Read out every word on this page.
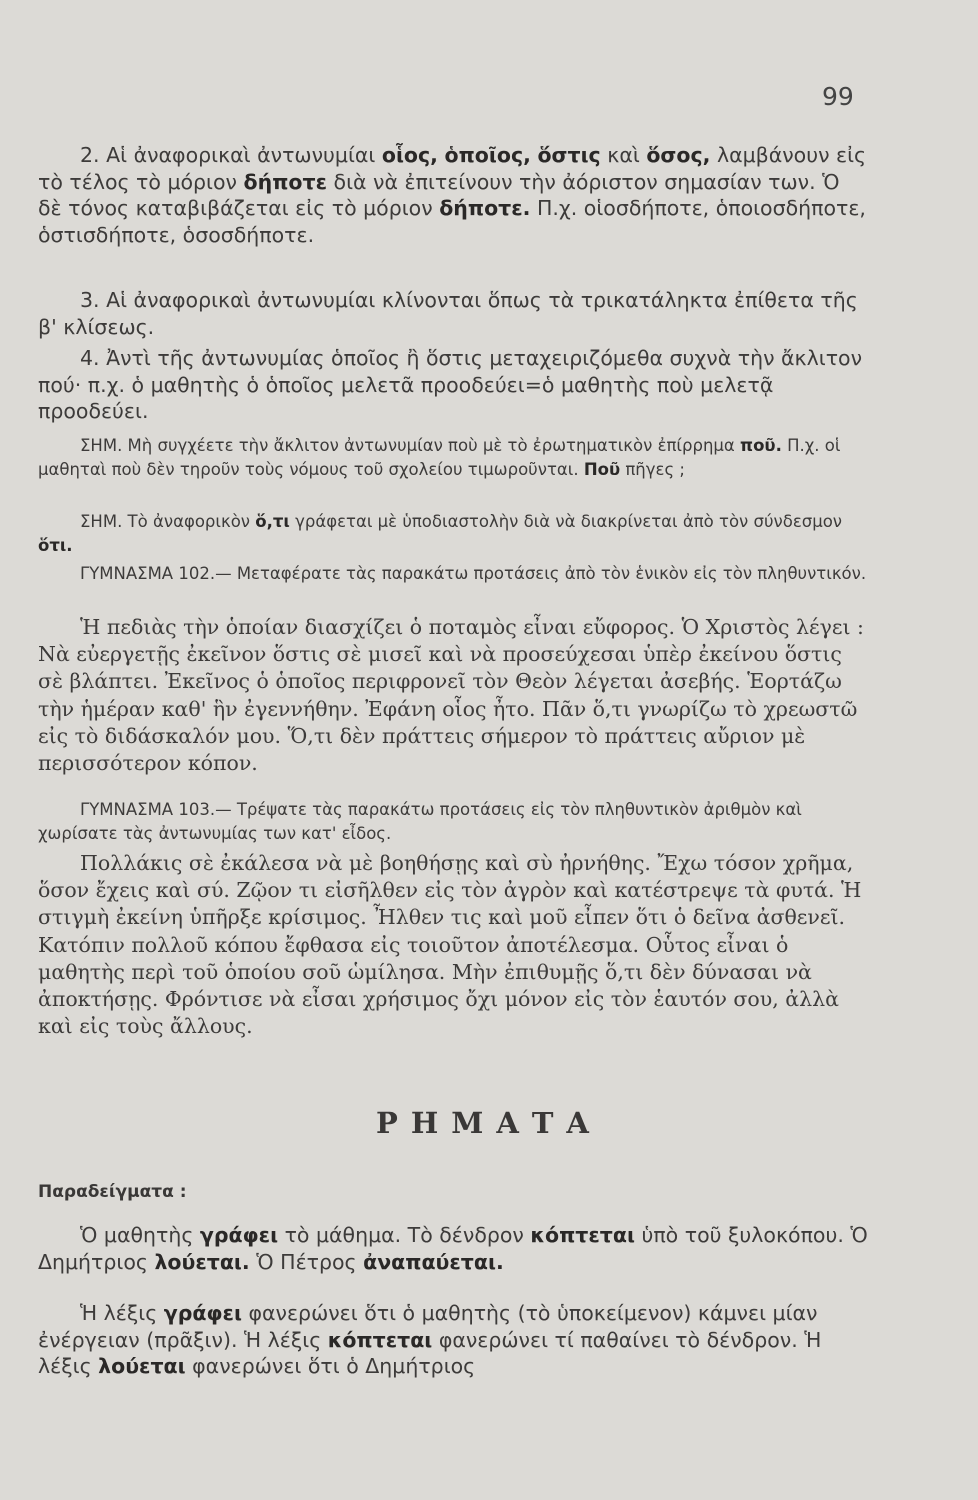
99

2. Αἱ ἀναφορικαὶ ἀντωνυμίαι οἷος, ὁποῖος, ὅστις καὶ ὅσος, λαμβάνουν εἰς τὸ τέλος τὸ μόριον δήποτε διὰ νὰ ἐπιτείνουν τὴν ἀόριστον σημασίαν των. Ὁ δὲ τόνος καταβιβάζεται εἰς τὸ μόριον δήποτε. Π.χ. οἱοσδήποτε, ὁποιοσδήποτε, ὁστισδήποτε, ὁσοσδήποτε.

3. Αἱ ἀναφορικαὶ ἀντωνυμίαι κλίνονται ὅπως τὰ τρικατάληκτα ἐπίθετα τῆς β' κλίσεως.

4. Ἀντὶ τῆς ἀντωνυμίας ὁποῖος ἢ ὅστις μεταχειριζόμεθα συχνὰ τὴν ἄκλιτον πού· π.χ. ὁ μαθητὴς ὁ ὁποῖος μελετᾶ προοδεύει=ὁ μαθητὴς ποὺ μελετᾷ προοδεύει.

ΣΗΜ. Μὴ συγχέετε τὴν ἄκλιτον ἀντωνυμίαν ποὺ μὲ τὸ ἐρωτηματικὸν ἐπίρρημα ποῦ. Π.χ. οἱ μαθηταὶ ποὺ δὲν τηροῦν τοὺς νόμους τοῦ σχολείου τιμωροῦνται. Ποῦ πῆγες ;

ΣΗΜ. Τὸ ἀναφορικὸν ὅ,τι γράφεται μὲ ὑποδιαστολὴν διὰ νὰ διακρίνεται ἀπὸ τὸν σύνδεσμον ὅτι.

ΓΥΜΝΑΣΜΑ 102.— Μεταφέρατε τὰς παρακάτω προτάσεις ἀπὸ τὸν ἑνικὸν εἰς τὸν πληθυντικόν.

Ἡ πεδιὰς τὴν ὁποίαν διασχίζει ὁ ποταμὸς εἶναι εὔφορος. Ὁ Χριστὸς λέγει : Νὰ εὐεργετῇς ἐκεῖνον ὅστις σὲ μισεῖ καὶ νὰ προσεύχεσαι ὑπὲρ ἐκείνου ὅστις σὲ βλάπτει. Ἐκεῖνος ὁ ὁποῖος περιφρονεῖ τὸν Θεὸν λέγεται ἀσεβής. Ἑορτάζω τὴν ἡμέραν καθ' ἣν ἐγεννήθην. Ἐφάνη οἷος ἦτο. Πᾶν ὅ,τι γνωρίζω τὸ χρεωστῶ εἰς τὸ διδάσκαλόν μου. Ὅ,τι δὲν πράττεις σήμερον τὸ πράττεις αὔριον μὲ περισσότερον κόπον.

ΓΥΜΝΑΣΜΑ 103.— Τρέψατε τὰς παρακάτω προτάσεις εἰς τὸν πληθυντικὸν ἀριθμὸν καὶ χωρίσατε τὰς ἀντωνυμίας των κατ' εἶδος.

Πολλάκις σὲ ἐκάλεσα νὰ μὲ βοηθήσῃς καὶ σὺ ἠρνήθης. Ἔχω τόσον χρῆμα, ὅσον ἔχεις καὶ σύ. Ζῷον τι εἰσῆλθεν εἰς τὸν ἀγρὸν καὶ κατέστρεψε τὰ φυτά. Ἡ στιγμὴ ἐκείνη ὑπῆρξε κρίσιμος. Ἦλθεν τις καὶ μοῦ εἶπεν ὅτι ὁ δεῖνα ἀσθενεῖ. Κατόπιν πολλοῦ κόπου ἔφθασα εἰς τοιοῦτον ἀποτέλεσμα. Οὗτος εἶναι ὁ μαθητὴς περὶ τοῦ ὁποίου σοῦ ὡμίλησα. Μὴν ἐπιθυμῇς ὅ,τι δὲν δύνασαι νὰ ἀποκτήσῃς. Φρόντισε νὰ εἶσαι χρήσιμος ὄχι μόνον εἰς τὸν ἑαυτόν σου, ἀλλὰ καὶ εἰς τοὺς ἄλλους.

ΡΗΜΑΤΑ
Παραδείγματα :

Ὁ μαθητὴς γράφει τὸ μάθημα. Τὸ δένδρον κόπτεται ὑπὸ τοῦ ξυλοκόπου. Ὁ Δημήτριος λούεται. Ὁ Πέτρος ἀναπαύεται.

Ἡ λέξις γράφει φανερώνει ὅτι ὁ μαθητὴς (τὸ ὑποκείμενον) κάμνει μίαν ἐνέργειαν (πρᾶξιν). Ἡ λέξις κόπτεται φανερώνει τί παθαίνει τὸ δένδρον. Ἡ λέξις λούεται φανερώνει ὅτι ὁ Δημήτριος
